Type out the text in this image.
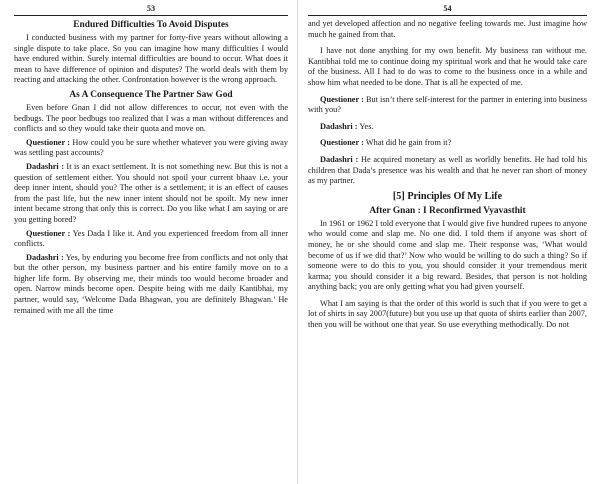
53
Endured Difficulties To Avoid Disputes

I conducted business with my partner for forty-five years without allowing a single dispute to take place. So you can imagine how many difficulties I would have endured within. Surely internal difficulties are bound to occur. What does it mean to have difference of opinion and disputes? The world deals with them by reacting and attacking the other. Confrontation however is the wrong approach.

As A Consequence The Partner Saw God

Even before Gnan I did not allow differences to occur, not even with the bedbugs. The poor bedbugs too realized that I was a man without differences and conflicts and so they would take their quota and move on.

Questioner : How could you be sure whether whatever you were giving away was settling past accounts?

Dadashri : It is an exact settlement. It is not something new. But this is not a question of settlement either. You should not spoil your current bhaav i.e. your deep inner intent, should you? The other is a settlement; it is an effect of causes from the past life, but the new inner intent should not be spoilt. My new inner intent became strong that only this is correct. Do you like what I am saying or are you getting bored?

Questioner : Yes Dada I like it. And you experienced freedom from all inner conflicts.

Dadashri : Yes, by enduring you become free from conflicts and not only that but the other person, my business partner and his entire family move on to a higher life form. By observing me, their minds too would become broader and open. Narrow minds become open. Despite being with me daily Kantibhai, my partner, would say, ‘Welcome Dada Bhagwan, you are definitely Bhagwan.’ He remained with me all the time

54

and yet developed affection and no negative feeling towards me. Just imagine how much he gained from that.

I have not done anything for my own benefit. My business ran without me. Kantibhai told me to continue doing my spiritual work and that he would take care of the business. All I had to do was to come to the business once in a while and show him what needed to be done. That is all he expected of me.

Questioner : But isn’t there self-interest for the partner in entering into business with you?

Dadashri : Yes.

Questioner : What did he gain from it?

Dadashri : He acquired monetary as well as worldly benefits. He had told his children that Dada’s presence was his wealth and that he never ran short of money as my partner.

[5] Principles Of My Life
After Gnan : I Reconfirmed Vyavasthit

In 1961 or 1962 I told everyone that I would give five hundred rupees to anyone who would come and slap me. No one did. I told them if anyone was short of money, he or she should come and slap me. Their response was, ‘What would become of us if we did that?’ Now who would be willing to do such a thing? So if someone were to do this to you, you should consider it your tremendous merit karma; you should consider it a big reward. Besides, that person is not holding anything back; you are only getting what you had given yourself.

What I am saying is that the order of this world is such that if you were to get a lot of shirts in say 2007(future) but you use up that quota of shirts earlier than 2007, then you will be without one that year. So use everything methodically. Do not
